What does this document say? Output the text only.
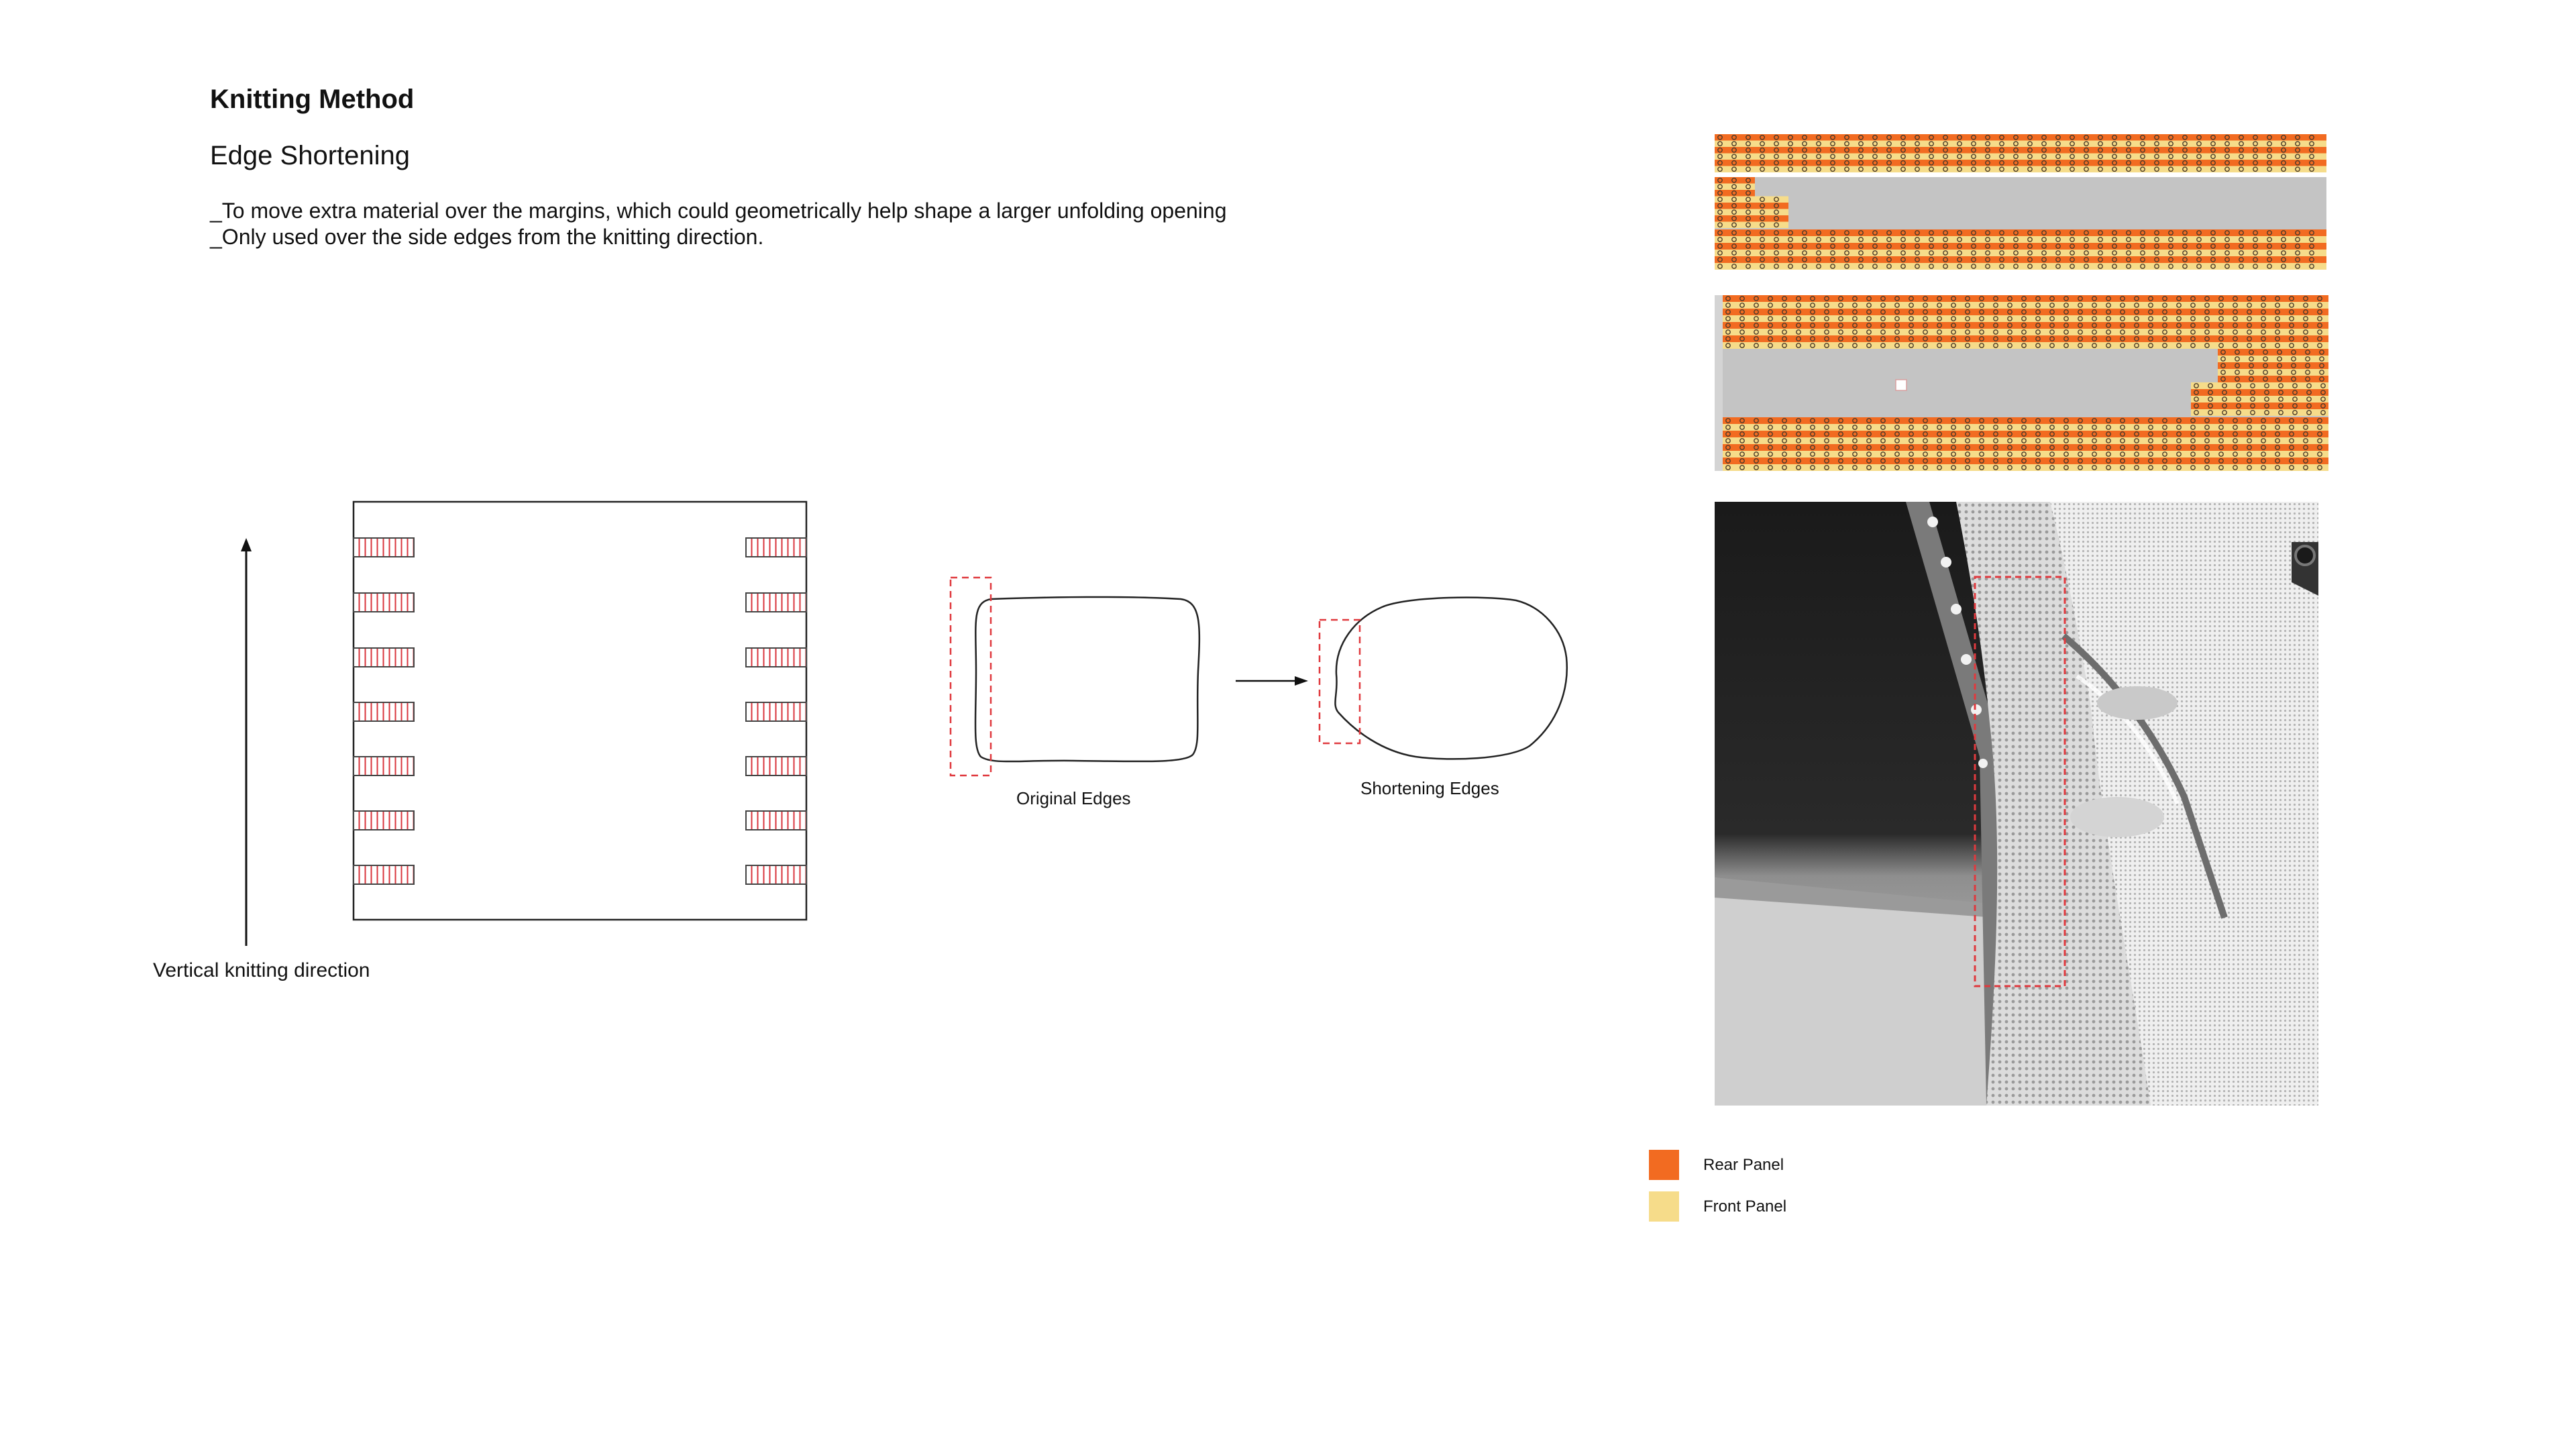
Knitting Method
Edge Shortening
_To move extra material over the margins, which could geometrically help shape a larger unfolding opening
_Only used over the side edges from the knitting direction.
Vertical knitting direction
Original Edges	Shortening Edges
Rear Panel
Front Panel
